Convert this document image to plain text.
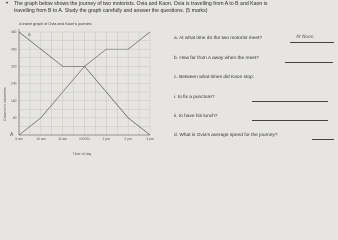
• The graph below shows the journey of two motorists. Ovia and Kaon. Ovia is travelling from A to B and Kaon is
travelling from B to A. Study the graph carefully and answer the questions. (5 marks)
A travel graph of Ovia and Kaon's journies
480
400
320
240
160
80
9 am	10 am	11 am	NOON	1 pm	2 pm	3 pm
Distance in kilometres
Time of day
A
B
a. At what time do the two motorist meet?	At Noon
b. How far from A away when the meet?
c. Between what times did Kaon stop:
i. to fix a puncture?
ii. to have his lunch?
d. What is Ovia's average speed for the journey?
